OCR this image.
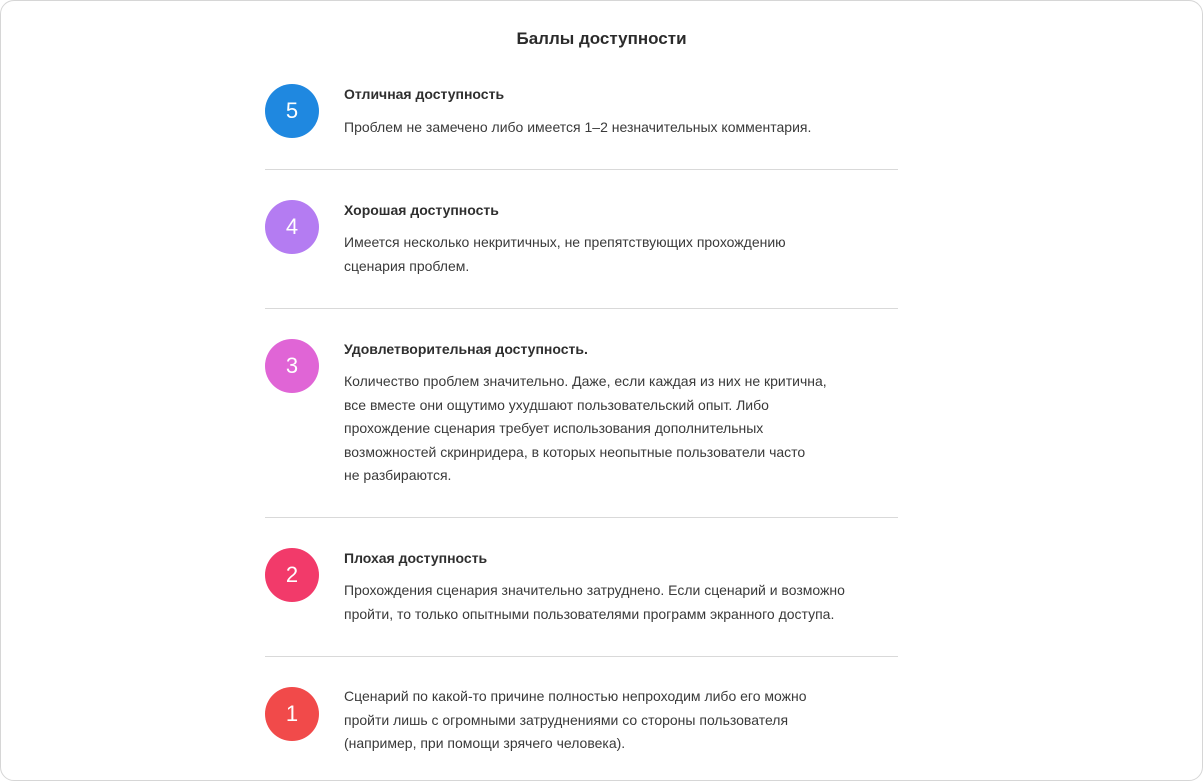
Баллы доступности
5

Отличная доступность

Проблем не замечено либо имеется 1–2 незначительных комментария.

4

Хорошая доступность

Имеется несколько некритичных, не препятствующих прохождению

сценария проблем.

3

Удовлетворительная доступность.

Количество проблем значительно. Даже, если каждая из них не критична,

все вместе они ощутимо ухудшают пользовательский опыт. Либо

прохождение сценария требует использования дополнительных

возможностей скринридера, в которых неопытные пользователи часто

не разбираются.

2

Плохая доступность

Прохождения сценария значительно затруднено. Если сценарий и возможно

пройти, то только опытными пользователями программ экранного доступа.

1

Сценарий по какой-то причине полностью непроходим либо его можно

пройти лишь с огромными затруднениями со стороны пользователя

(например, при помощи зрячего человека).
